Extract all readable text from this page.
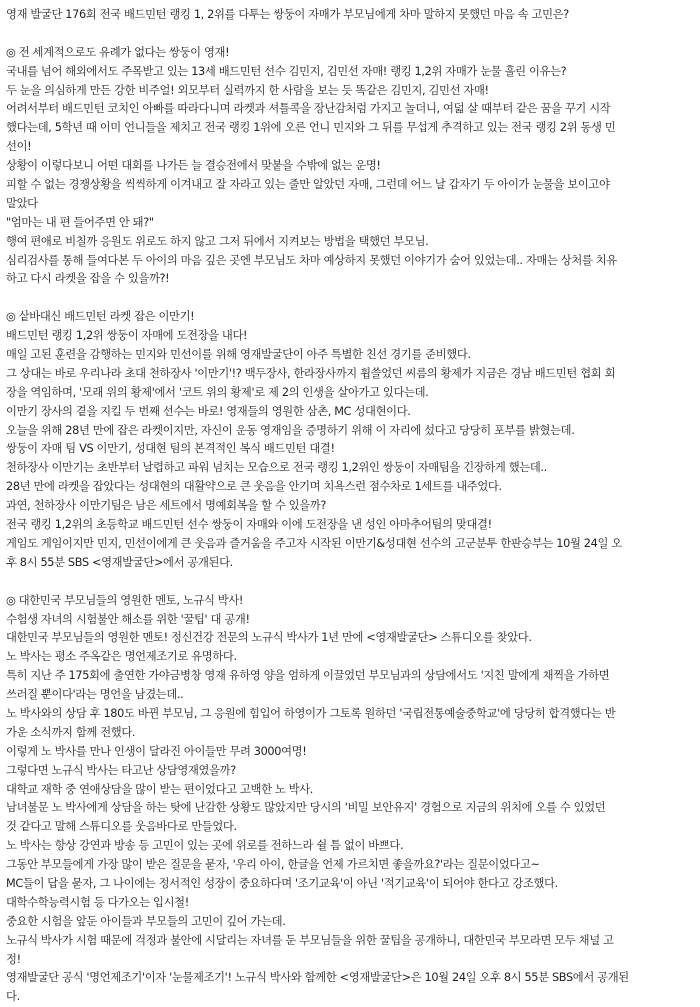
영재 발굴단 176회 전국 배드민턴 랭킹 1, 2위를 다투는 쌍둥이 자매가 부모님에게 차마 말하지 못했던 마음 속 고민은?
◎ 전 세계적으로도 유례가 없다는 쌍둥이 영재!
국내를 넘어 해외에서도 주목받고 있는 13세 배드민턴 선수 김민지, 김민선 자매! 랭킹 1,2위 자매가 눈물 흘린 이유는?
두 눈을 의심하게 만든 강한 비주얼! 외모부터 실력까지 한 사람을 보는 듯 똑같은 김민지, 김민선 자매!
어려서부터 배드민턴 코치인 아빠를 따라다니며 라켓과 셔틀콕을 장난감처럼 가지고 놀더니, 여덟 살 때부터 같은 꿈을 꾸기 시작
했다는데, 5학년 때 이미 언니들을 제치고 전국 랭킹 1위에 오른 언니 민지와 그 뒤를 무섭게 추격하고 있는 전국 랭킹 2위 동생 민
선이!
상황이 이렇다보니 어떤 대회를 나가든 늘 결승전에서 맞붙을 수밖에 없는 운명!
피할 수 없는 경쟁상황을 씩씩하게 이겨내고 잘 자라고 있는 줄만 알았던 자매, 그런데 어느 날 갑자기 두 아이가 눈물을 보이고야
말았다
"엄마는 내 편 들어주면 안 돼?"
행여 편애로 비칠까 응원도 위로도 하지 않고 그저 뒤에서 지켜보는 방법을 택했던 부모님.
심리검사를 통해 들여다본 두 아이의 마음 깊은 곳엔 부모님도 차마 예상하지 못했던 이야기가 숨어 있었는데.. 자매는 상처를 치유
하고 다시 라켓을 잡을 수 있을까?!
◎ 샅바대신 배드민턴 라켓 잡은 이만기!
배드민턴 랭킹 1,2위 쌍둥이 자매에 도전장을 내다!
매일 고된 훈련을 감행하는 민지와 민선이를 위해 영재발굴단이 아주 특별한 친선 경기를 준비했다.
그 상대는 바로 우리나라 초대 천하장사 '이만기'!? 백두장사, 한라장사까지 휩쓸었던 씨름의 황제가 지금은 경남 배드민턴 협회 회
장을 역임하며, '모래 위의 황제'에서 '코트 위의 황제'로 제 2의 인생을 살아가고 있다는데.
이만기 장사의 곁을 지킬 두 번째 선수는 바로! 영재들의 영원한 삼촌, MC 성대현이다.
오늘을 위해 28년 만에 잡은 라켓이지만, 자신이 운동 영재임을 증명하기 위해 이 자리에 섰다고 당당히 포부를 밝혔는데.
쌍둥이 자매 팀 VS 이만기, 성대현 팀의 본격적인 복식 배드민턴 대결!
천하장사 이만기는 초반부터 날렵하고 파워 넘치는 모습으로 전국 랭킹 1,2위인 쌍둥이 자매팀을 긴장하게 했는데..
28년 만에 라켓을 잡았다는 성대현의 대활약으로 큰 웃음을 안기며 치욕스런 점수차로 1세트를 내주었다.
과연, 천하장사 이만기팀은 남은 세트에서 명예회복을 할 수 있을까?
전국 랭킹 1,2위의 초등학교 배드민턴 선수 쌍둥이 자매와 이에 도전장을 낸 성인 아마추어팀의 맞대결!
게임도 게임이지만 민지, 민선이에게 큰 웃음과 즐거움을 주고자 시작된 이만기&성대현 선수의 고군분투 한판승부는 10월 24일 오
후 8시 55분 SBS <영재발굴단>에서 공개된다.
◎ 대한민국 부모님들의 영원한 멘토, 노규식 박사!
수험생 자녀의 시험불안 해소를 위한 '꿀팁' 대 공개!
대한민국 부모님들의 영원한 멘토! 정신건강 전문의 노규식 박사가 1년 만에 <영재발굴단> 스튜디오를 찾았다.
노 박사는 평소 주옥같은 명언제조기로 유명하다.
특히 지난 주 175회에 출연한 가야금병창 영재 유하영 양을 엄하게 이끌었던 부모님과의 상담에서도 '지친 말에게 채찍을 가하면
쓰러질 뿐이다'라는 명언을 남겼는데..
노 박사와의 상담 후 180도 바뀐 부모님, 그 응원에 힘입어 하영이가 그토록 원하던 '국립전통예술중학교'에 당당히 합격했다는 반
가운 소식까지 함께 전했다.
이렇게 노 박사를 만나 인생이 달라진 아이들만 무려 3000여명!
그렇다면 노규식 박사는 타고난 상담영재였을까?
대학교 재학 중 연애상담을 많이 받는 편이었다고 고백한 노 박사.
남녀불문 노 박사에게 상담을 하는 탓에 난감한 상황도 많았지만 당시의 '비밀 보안유지' 경험으로 지금의 위치에 오를 수 있었던
것 같다고 말해 스튜디오를 웃음바다로 만들었다.
노 박사는 항상 강연과 방송 등 고민이 있는 곳에 위로를 전하느라 쉴 틈 없이 바쁘다.
그동안 부모들에게 가장 많이 받은 질문을 묻자, '우리 아이, 한글을 언제 가르치면 좋을까요?'라는 질문이었다고~
MC들이 답을 묻자, 그 나이에는 정서적인 성장이 중요하다며 '조기교육'이 아닌 '적기교육'이 되어야 한다고 강조했다.
대학수학능력시험 등 다가오는 입시철!
중요한 시험을 앞둔 아이들과 부모들의 고민이 깊어 가는데.
노규식 박사가 시험 때문에 걱정과 불안에 시달리는 자녀를 둔 부모님들을 위한 꿀팁을 공개하니, 대한민국 부모라면 모두 채널 고
정!
영재발굴단 공식 '명언제조기'이자 '눈물제조기'! 노규식 박사와 함께한 <영재발굴단>은 10월 24일 오후 8시 55분 SBS에서 공개된
다.
